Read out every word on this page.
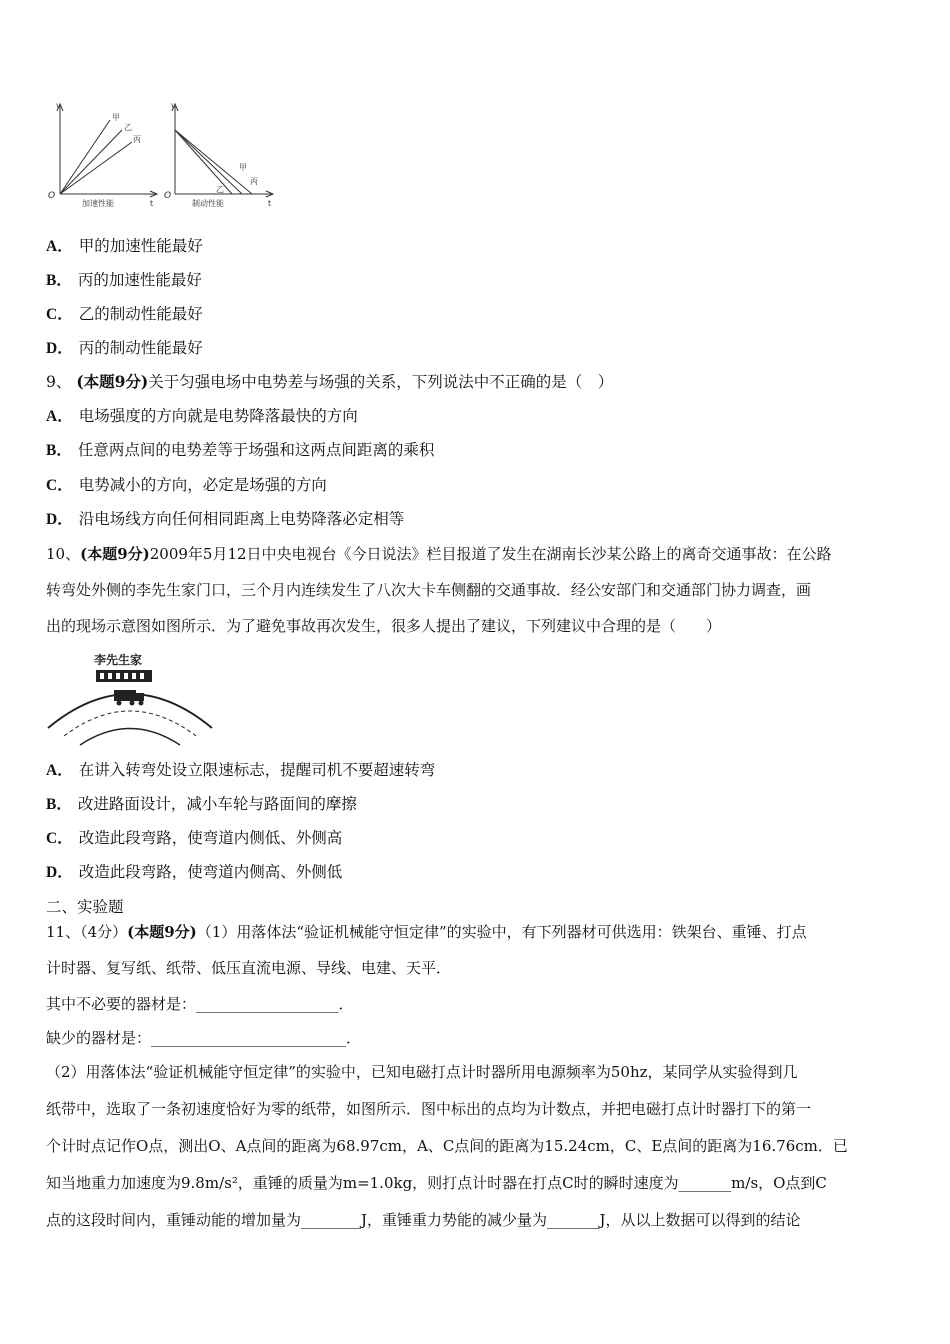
v
t
O
甲
乙
丙
加速性能
v
t
O
甲
乙
丙
制动性能
A． 甲的加速性能最好
B． 丙的加速性能最好
C． 乙的制动性能最好
D． 丙的制动性能最好
9、 (本题9分)关于匀强电场中电势差与场强的关系，下列说法中不正确的是（　）
A． 电场强度的方向就是电势降落最快的方向
B． 任意两点间的电势差等于场强和这两点间距离的乘积
C． 电势减小的方向，必定是场强的方向
D． 沿电场线方向任何相同距离上电势降落必定相等
10、(本题9分)2009年5月12日中央电视台《今日说法》栏目报道了发生在湖南长沙某公路上的离奇交通事故：在公路
转弯处外侧的李先生家门口，三个月内连续发生了八次大卡车侧翻的交通事故．经公安部门和交通部门协力调查，画
出的现场示意图如图所示．为了避免事故再次发生，很多人提出了建议，下列建议中合理的是（　　）
李先生家
A． 在讲入转弯处设立限速标志，提醒司机不要超速转弯
B． 改进路面设计，减小车轮与路面间的摩擦
C． 改造此段弯路，使弯道内侧低、外侧高
D． 改造此段弯路，使弯道内侧高、外侧低
二、实验题
11、（4分）(本题9分)（1）用落体法“验证机械能守恒定律”的实验中，有下列器材可供选用：铁架台、重锤、打点
计时器、复写纸、纸带、低压直流电源、导线、电建、天平．
其中不必要的器材是：___________________．
缺少的器材是：__________________________．
（2）用落体法“验证机械能守恒定律”的实验中，已知电磁打点计时器所用电源频率为50hz，某同学从实验得到几
纸带中，选取了一条初速度恰好为零的纸带，如图所示．图中标出的点均为计数点，并把电磁打点计时器打下的第一
个计时点记作O点，测出O、A点间的距离为68.97cm，A、C点间的距离为15.24cm，C、E点间的距离为16.76cm．已
知当地重力加速度为9.8m/s²，重锤的质量为m=1.0kg，则打点计时器在打点C时的瞬时速度为_______m/s，O点到C
点的这段时间内，重锤动能的增加量为________J，重锤重力势能的减少量为_______J，从以上数据可以得到的结论
